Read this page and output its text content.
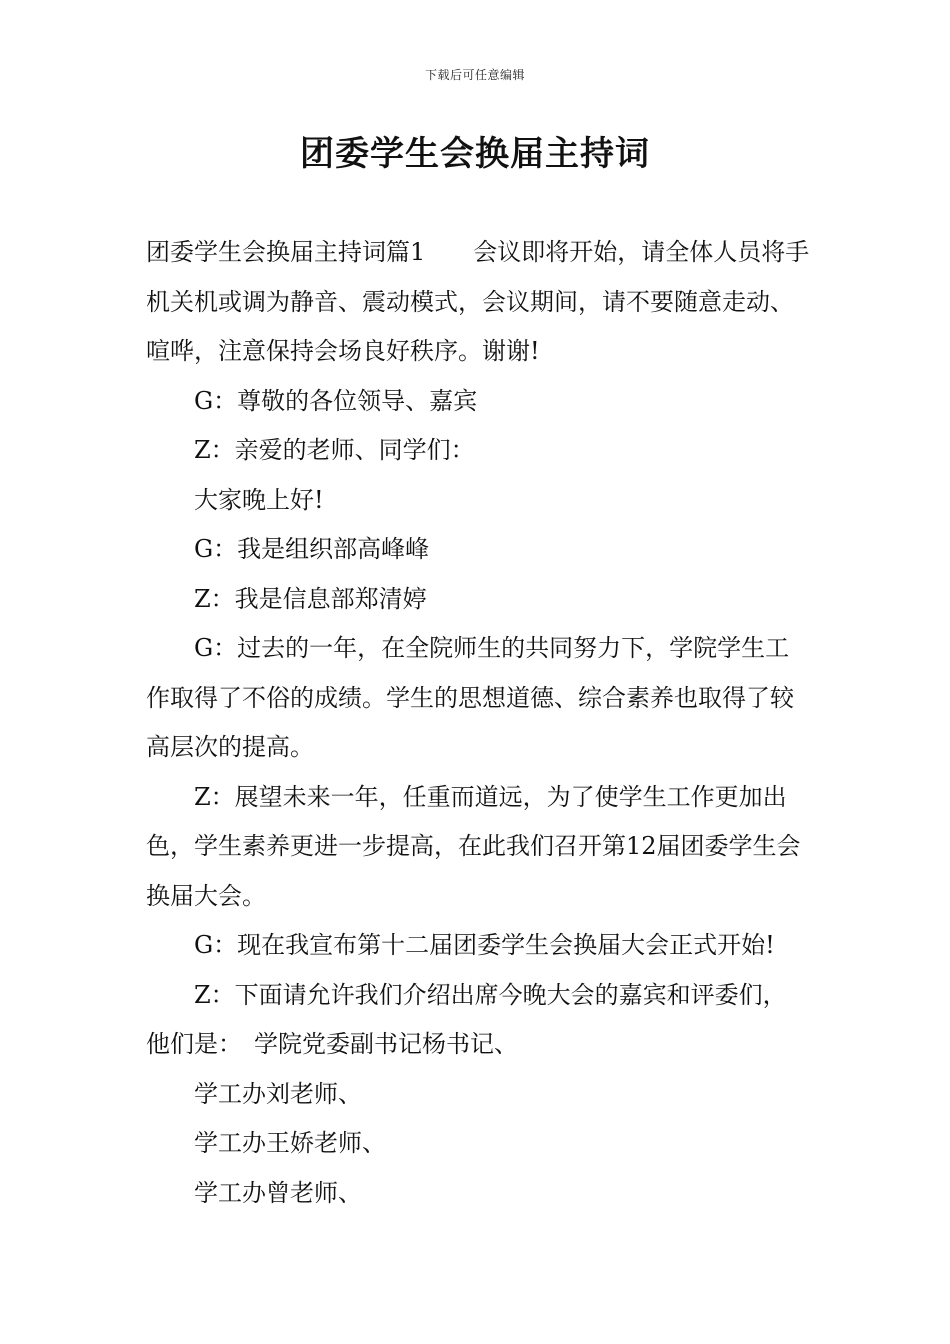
下载后可任意编辑
团委学生会换届主持词

团委学生会换届主持词篇1　　会议即将开始，请全体人员将手机关机或调为静音、震动模式，会议期间，请不要随意走动、喧哗，注意保持会场良好秩序。谢谢!

G：尊敬的各位领导、嘉宾

Z：亲爱的老师、同学们：

大家晚上好!

G：我是组织部高峰峰

Z：我是信息部郑清婷

G：过去的一年，在全院师生的共同努力下，学院学生工作取得了不俗的成绩。学生的思想道德、综合素养也取得了较高层次的提高。

Z：展望未来一年，任重而道远，为了使学生工作更加出色，学生素养更进一步提高，在此我们召开第12届团委学生会换届大会。

G：现在我宣布第十二届团委学生会换届大会正式开始!

Z：下面请允许我们介绍出席今晚大会的嘉宾和评委们，他们是：　学院党委副书记杨书记、

学工办刘老师、

学工办王娇老师、

学工办曾老师、
